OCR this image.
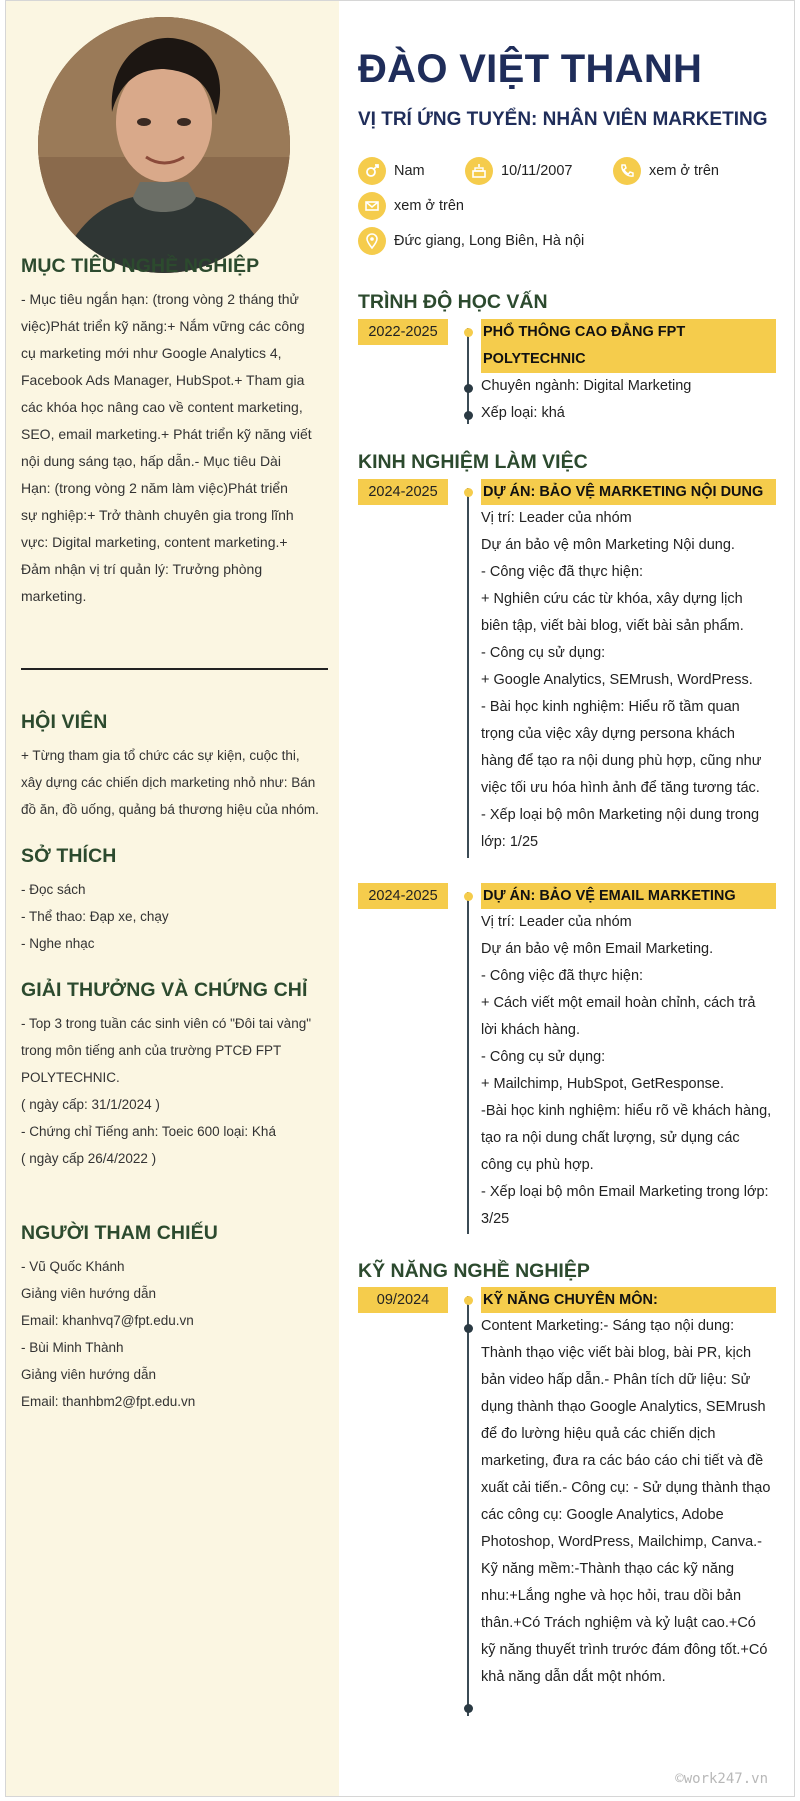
MỤC TIÊU NGHỀ NGHIỆP
- Mục tiêu ngắn hạn: (trong vòng 2 tháng thử
việc)Phát triển kỹ năng:+ Nắm vững các công
cụ marketing mới như Google Analytics 4,
Facebook Ads Manager, HubSpot.+ Tham gia
các khóa học nâng cao về content marketing,
SEO, email marketing.+ Phát triển kỹ năng viết
nội dung sáng tạo, hấp dẫn.- Mục tiêu Dài
Hạn: (trong vòng 2 năm làm việc)Phát triển
sự nghiệp:+ Trở thành chuyên gia trong lĩnh
vực: Digital marketing, content marketing.+
Đảm nhận vị trí quản lý: Trưởng phòng
marketing.
HỘI VIÊN
+ Từng tham gia tổ chức các sự kiện, cuộc thi,
xây dựng các chiến dịch marketing nhỏ như: Bán
đồ ăn, đồ uống, quảng bá thương hiệu của nhóm.
SỞ THÍCH
- Đọc sách
- Thể thao: Đạp xe, chạy
- Nghe nhạc
GIẢI THƯỞNG VÀ CHỨNG CHỈ
- Top 3 trong tuần các sinh viên có "Đôi tai vàng"
trong môn tiếng anh của trường PTCĐ FPT
POLYTECHNIC.
( ngày cấp: 31/1/2024 )
- Chứng chỉ Tiếng anh: Toeic 600 loại: Khá
( ngày cấp 26/4/2022 )
NGƯỜI THAM CHIẾU
- Vũ Quốc Khánh
Giảng viên hướng dẫn
Email: khanhvq7@fpt.edu.vn
- Bùi Minh Thành
Giảng viên hướng dẫn
Email: thanhbm2@fpt.edu.vn
ĐÀO VIỆT THANH
VỊ TRÍ ỨNG TUYỂN: NHÂN VIÊN MARKETING
Nam	10/11/2007	xem ở trên
xem ở trên
Đức giang, Long Biên, Hà nội
TRÌNH ĐỘ HỌC VẤN
2022-2025	PHỔ THÔNG CAO ĐẲNG FPT
POLYTECHNIC
Chuyên ngành: Digital Marketing
Xếp loại: khá
KINH NGHIỆM LÀM VIỆC
2024-2025	DỰ ÁN: BẢO VỆ MARKETING NỘI DUNG
Vị trí: Leader của nhóm
Dự án bảo vệ môn Marketing Nội dung.
- Công việc đã thực hiện:
+ Nghiên cứu các từ khóa, xây dựng lịch
biên tập, viết bài blog, viết bài sản phẩm.
- Công cụ sử dụng:
+ Google Analytics, SEMrush, WordPress.
- Bài học kinh nghiệm: Hiểu rõ tầm quan
trọng của việc xây dựng persona khách
hàng để tạo ra nội dung phù hợp, cũng như
việc tối ưu hóa hình ảnh để tăng tương tác.
- Xếp loại bộ môn Marketing nội dung trong
lớp: 1/25
2024-2025	DỰ ÁN: BẢO VỆ EMAIL MARKETING
Vị trí: Leader của nhóm
Dự án bảo vệ môn Email Marketing.
- Công việc đã thực hiện:
+ Cách viết một email hoàn chỉnh, cách trả
lời khách hàng.
- Công cụ sử dụng:
+ Mailchimp, HubSpot, GetResponse.
-Bài học kinh nghiệm: hiểu rõ về khách hàng,
tạo ra nội dung chất lượng, sử dụng các
công cụ phù hợp.
- Xếp loại bộ môn Email Marketing trong lớp:
3/25
KỸ NĂNG NGHỀ NGHIỆP
09/2024	KỸ NĂNG CHUYÊN MÔN:
Content Marketing:- Sáng tạo nội dung:
Thành thạo việc viết bài blog, bài PR, kịch
bản video hấp dẫn.- Phân tích dữ liệu: Sử
dụng thành thạo Google Analytics, SEMrush
để đo lường hiệu quả các chiến dịch
marketing, đưa ra các báo cáo chi tiết và đề
xuất cải tiến.- Công cụ: - Sử dụng thành thạo
các công cụ: Google Analytics, Adobe
Photoshop, WordPress, Mailchimp, Canva.-
Kỹ năng mềm:-Thành thạo các kỹ năng
nhu:+Lắng nghe và học hỏi, trau dồi bản
thân.+Có Trách nghiệm và kỷ luật cao.+Có
kỹ năng thuyết trình trước đám đông tốt.+Có
khả năng dẫn dắt một nhóm.
©work247.vn
